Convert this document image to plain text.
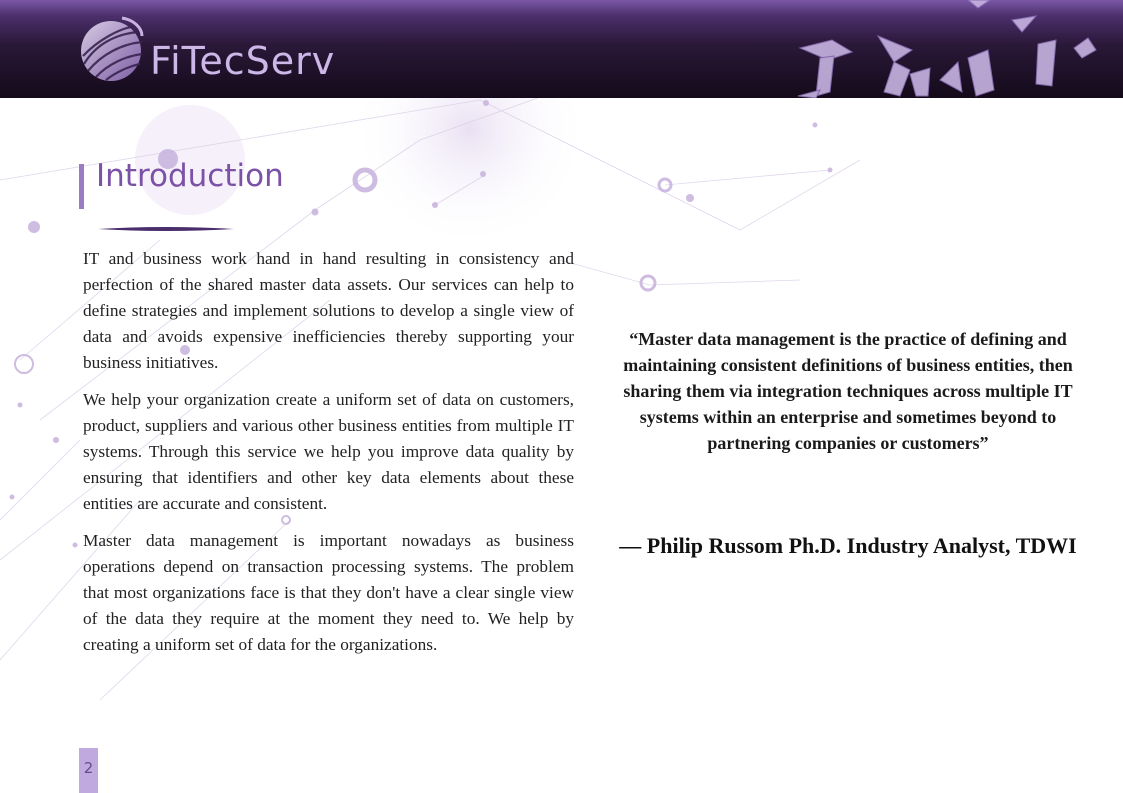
FiTecServ
Introduction

IT and business work hand in hand resulting in consistency and perfection of the shared master data assets. Our services can help to define strategies and implement solutions to develop a single view of data and avoids expensive inefficiencies thereby supporting your business initiatives.

We help your organization create a uniform set of data on customers, product, suppliers and various other business entities from multiple IT systems. Through this service we help you improve data quality by ensuring that identifiers and other key data elements about these entities are accurate and consistent.

Master data management is important nowadays as business operations depend on transaction processing systems. The problem that most organizations face is that they don't have a clear single view of the data they require at the moment they need to. We help by creating a uniform set of data for the organizations.

“Master data management is the practice of defining and maintaining consistent definitions of business entities, then sharing them via integration techniques across multiple IT systems within an enterprise and sometimes beyond to partnering companies or customers”

— Philip Russom Ph.D. Industry Analyst, TDWI

2
